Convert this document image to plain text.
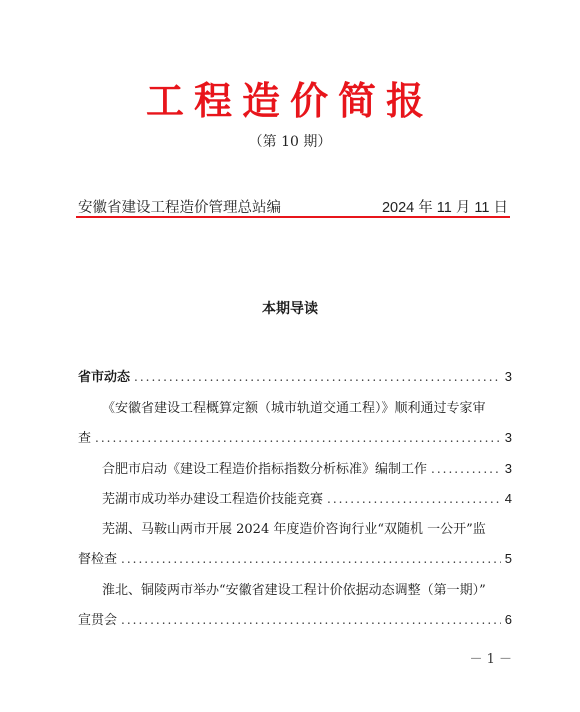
工程造价简报
（第 10 期）
安徽省建设工程造价管理总站编	2024 年 11 月 11 日
本期导读
省市动态 .....	3
《安徽省建设工程概算定额（城市轨道交通工程）》顺利通过专家审
查 .....	3
合肥市启动《建设工程造价指标指数分析标准》编制工作 .....	3
芜湖市成功举办建设工程造价技能竞赛 .....	4
芜湖、马鞍山两市开展 2024 年度造价咨询行业“双随机 一公开”监
督检查 .....	5
淮北、铜陵两市举办“安徽省建设工程计价依据动态调整（第一期）”
宣贯会 .....	6
－ 1 －
